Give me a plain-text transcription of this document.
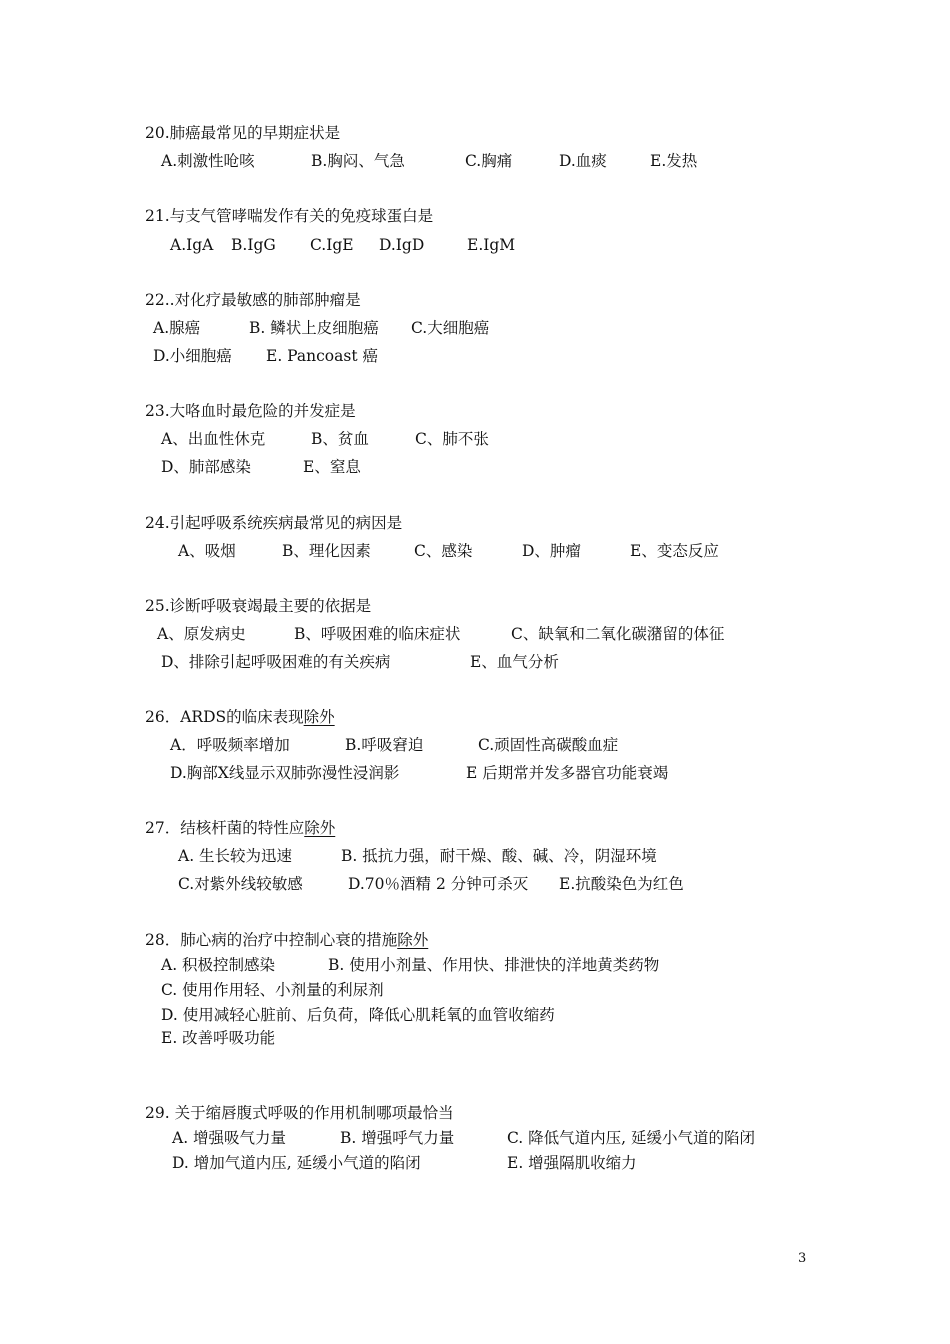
20.肺癌最常见的早期症状是
A.刺激性呛咳	B.胸闷、气急	C.胸痛	D.血痰	E.发热
21.与支气管哮喘发作有关的免疫球蛋白是
A.IgA B.IgG C.IgE D.IgD	E.IgM
22..对化疗最敏感的肺部肿瘤是
A.腺癌	B. 鳞状上皮细胞癌 C.大细胞癌
D.小细胞癌 E. Pancoast 癌
23.大咯血时最危险的并发症是
A、出血性休克	B、贫血	C、肺不张
D、肺部感染	E、窒息
24.引起呼吸系统疾病最常见的病因是
A、吸烟	B、理化因素	C、感染	D、肿瘤	E、变态反应
25.诊断呼吸衰竭最主要的依据是
A、原发病史	B、呼吸困难的临床症状	C、缺氧和二氧化碳潴留的体征
D、排除引起呼吸困难的有关疾病	E、血气分析
26．ARDS的临床表现除外
A．呼吸频率增加	B.呼吸窘迫	C.顽固性高碳酸血症
D.胸部X线显示双肺弥漫性浸润影	E 后期常并发多器官功能衰竭
27．结核杆菌的特性应除外
A. 生长较为迅速	B. 抵抗力强，耐干燥、酸、碱、冷，阴湿环境
C.对紫外线较敏感	D.70％酒精 2 分钟可杀灭 E.抗酸染色为红色
28．肺心病的治疗中控制心衰的措施除外
A. 积极控制感染	B. 使用小剂量、作用快、排泄快的洋地黄类药物
C. 使用作用轻、小剂量的利尿剂
D. 使用减轻心脏前、后负荷，降低心肌耗氧的血管收缩药
E. 改善呼吸功能
29. 关于缩唇腹式呼吸的作用机制哪项最恰当
A. 增强吸气力量	B. 增强呼气力量	C. 降低气道内压, 延缓小气道的陷闭
D. 增加气道内压, 延缓小气道的陷闭	E. 增强隔肌收缩力
3
